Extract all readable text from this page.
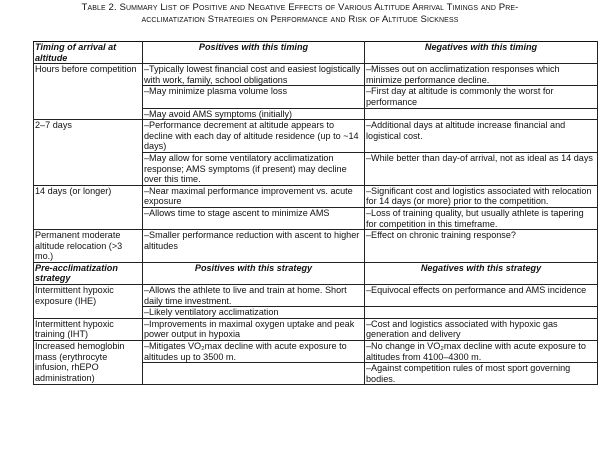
Table 2. Summary List of Positive and Negative Effects of Various Altitude Arrival Timings and Pre-
acclimatization Strategies on Performance and Risk of Altitude Sickness
Timing of arrival at altitude	Positives with this timing	Negatives with this timing
Hours before competition	–Typically lowest financial cost and easiest logistically with work, family, school obligations	–Misses out on acclimatization responses which minimize performance decline.
	–May minimize plasma volume loss	–First day at altitude is commonly the worst for performance
	–May avoid AMS symptoms (initially)	
2–7 days	–Performance decrement at altitude appears to decline with each day of altitude residence (up to ~14 days)	–Additional days at altitude increase financial and logistical cost.
	–May allow for some ventilatory acclimatization response; AMS symptoms (if present) may decline over this time.	–While better than day-of arrival, not as ideal as 14 days
14 days (or longer)	–Near maximal performance improvement vs. acute exposure	–Significant cost and logistics associated with relocation for 14 days (or more) prior to the competition.
	–Allows time to stage ascent to minimize AMS	–Loss of training quality, but usually athlete is tapering for competition in this timeframe.
Permanent moderate altitude relocation (>3 mo.)	–Smaller performance reduction with ascent to higher altitudes	–Effect on chronic training response?
Pre-acclimatization strategy	Positives with this strategy	Negatives with this strategy
Intermittent hypoxic exposure (IHE)	–Allows the athlete to live and train at home. Short daily time investment.	–Equivocal effects on performance and AMS incidence
	–Likely ventilatory acclimatization	
Intermittent hypoxic training (IHT)	–Improvements in maximal oxygen uptake and peak power output in hypoxia	–Cost and logistics associated with hypoxic gas generation and delivery
Increased hemoglobin mass (erythrocyte infusion, rhEPO administration)	–Mitigates VO₂max decline with acute exposure to altitudes up to 3500 m.	–No change in VO₂max decline with acute exposure to altitudes from 4100–4300 m.
		–Against competition rules of most sport governing bodies.
